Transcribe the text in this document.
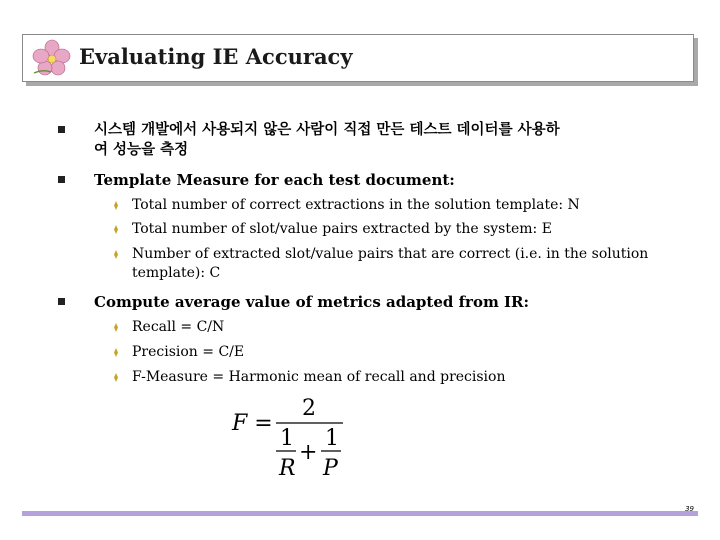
Evaluating IE Accuracy
시스템 개발에서 사용되지 않은 사람이 직접 만든 테스트 데이터를 사용하
여 성능을 측정
Template Measure for each test document:
Total number of correct extractions in the solution template: N
Total number of slot/value pairs extracted by the system: E
Number of extracted slot/value pairs that are correct (i.e. in the solution
template): C
Compute average value of metrics adapted from IR:
Recall = C/N
Precision = C/E
F-Measure = Harmonic mean of recall and precision
F =
2
1
R
+
1
P
39
